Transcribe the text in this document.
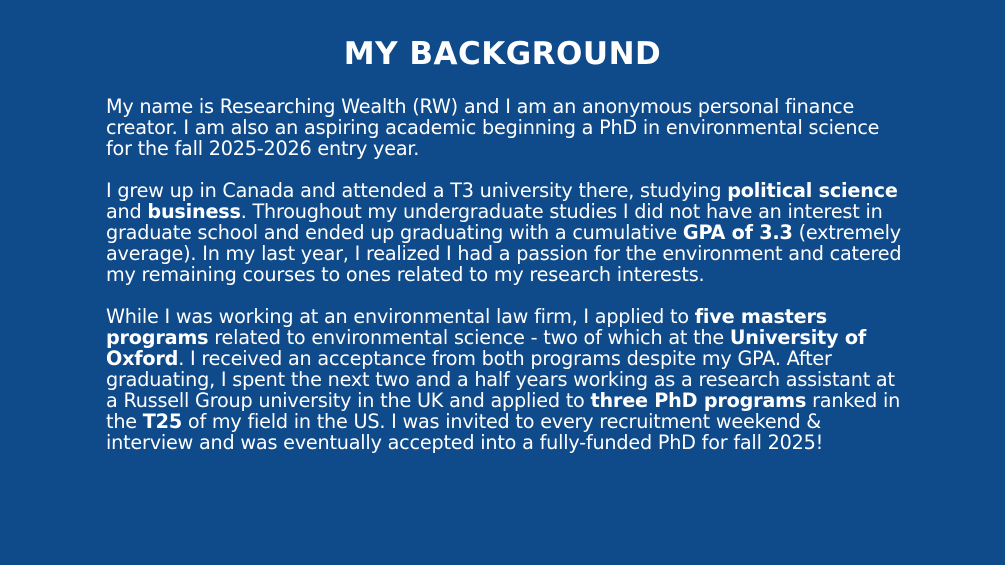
MY BACKGROUND

My name is Researching Wealth (RW) and I am an anonymous personal finance creator. I am also an aspiring academic beginning a PhD in environmental science for the fall 2025-2026 entry year.

I grew up in Canada and attended a T3 university there, studying political science and business. Throughout my undergraduate studies I did not have an interest in graduate school and ended up graduating with a cumulative GPA of 3.3 (extremely average). In my last year, I realized I had a passion for the environment and catered my remaining courses to ones related to my research interests.

While I was working at an environmental law firm, I applied to five masters programs related to environmental science - two of which at the University of Oxford. I received an acceptance from both programs despite my GPA. After graduating, I spent the next two and a half years working as a research assistant at a Russell Group university in the UK and applied to three PhD programs ranked in the T25 of my field in the US. I was invited to every recruitment weekend & interview and was eventually accepted into a fully-funded PhD for fall 2025!
